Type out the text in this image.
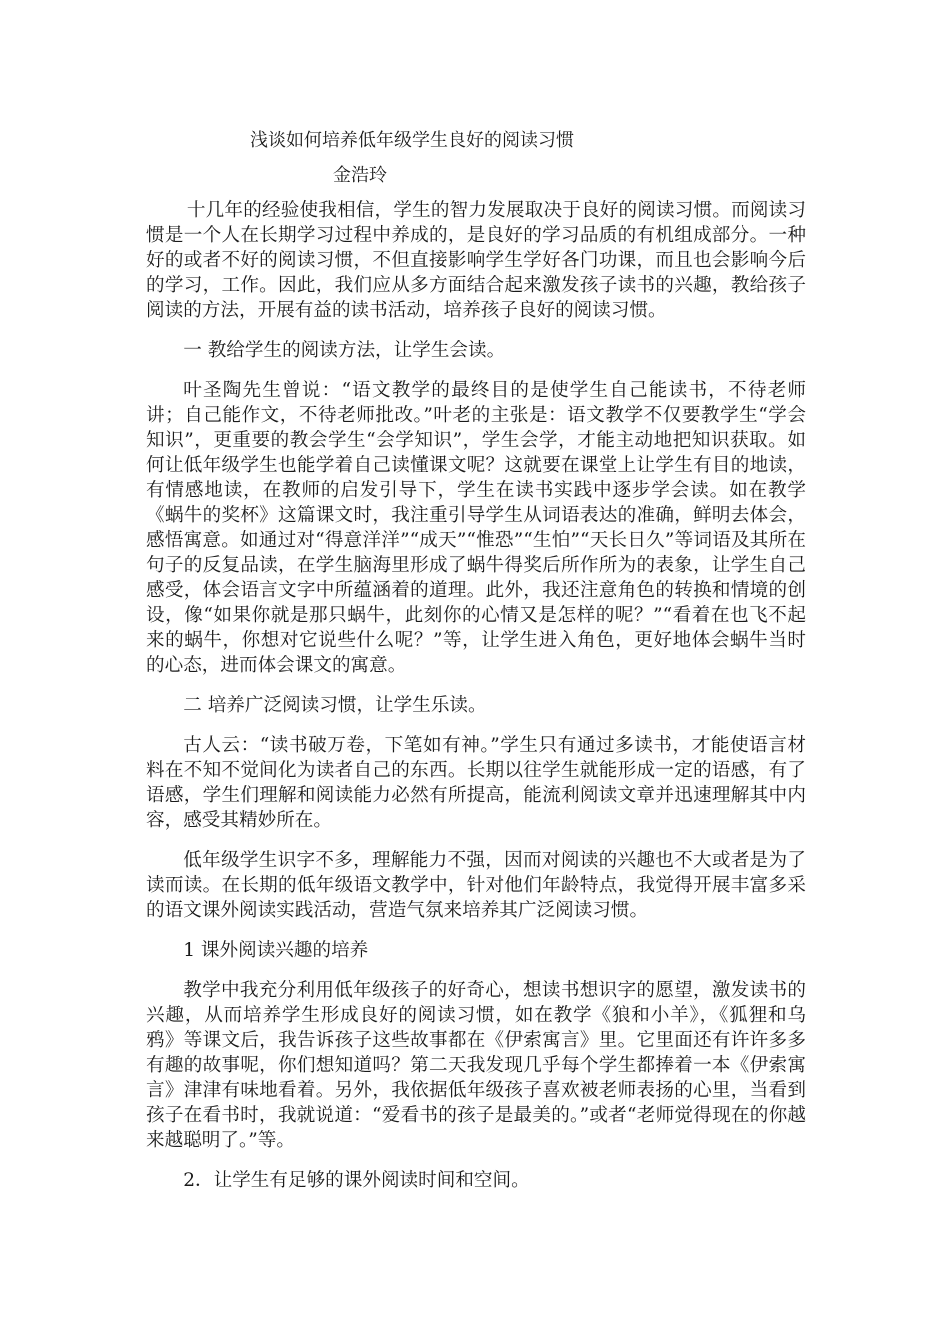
浅谈如何培养低年级学生良好的阅读习惯
金浩玲

十几年的经验使我相信，学生的智力发展取决于良好的阅读习惯。而阅读习惯是一个人在长期学习过程中养成的，是良好的学习品质的有机组成部分。一种好的或者不好的阅读习惯，不但直接影响学生学好各门功课，而且也会影响今后的学习，工作。因此，我们应从多方面结合起来激发孩子读书的兴趣，教给孩子阅读的方法，开展有益的读书活动，培养孩子良好的阅读习惯。

一 教给学生的阅读方法，让学生会读。

叶圣陶先生曾说：“语文教学的最终目的是使学生自己能读书，不待老师讲；自己能作文，不待老师批改。”叶老的主张是：语文教学不仅要教学生“学会知识”，更重要的教会学生“会学知识”，学生会学，才能主动地把知识获取。如何让低年级学生也能学着自己读懂课文呢？这就要在课堂上让学生有目的地读，有情感地读，在教师的启发引导下，学生在读书实践中逐步学会读。如在教学《蜗牛的奖杯》这篇课文时，我注重引导学生从词语表达的准确，鲜明去体会，感悟寓意。如通过对“得意洋洋”“成天”“惟恐”“生怕”“天长日久”等词语及其所在句子的反复品读，在学生脑海里形成了蜗牛得奖后所作所为的表象，让学生自己感受，体会语言文字中所蕴涵着的道理。此外，我还注意角色的转换和情境的创设，像“如果你就是那只蜗牛，此刻你的心情又是怎样的呢？”“看着在也飞不起来的蜗牛，你想对它说些什么呢？”等，让学生进入角色，更好地体会蜗牛当时的心态，进而体会课文的寓意。

二 培养广泛阅读习惯，让学生乐读。

古人云：“读书破万卷，下笔如有神。”学生只有通过多读书，才能使语言材料在不知不觉间化为读者自己的东西。长期以往学生就能形成一定的语感，有了语感，学生们理解和阅读能力必然有所提高，能流利阅读文章并迅速理解其中内容，感受其精妙所在。

低年级学生识字不多，理解能力不强，因而对阅读的兴趣也不大或者是为了读而读。在长期的低年级语文教学中，针对他们年龄特点，我觉得开展丰富多采的语文课外阅读实践活动，营造气氛来培养其广泛阅读习惯。

1 课外阅读兴趣的培养

教学中我充分利用低年级孩子的好奇心，想读书想识字的愿望，激发读书的兴趣，从而培养学生形成良好的阅读习惯，如在教学《狼和小羊》，《狐狸和乌鸦》等课文后，我告诉孩子这些故事都在《伊索寓言》里。它里面还有许许多多有趣的故事呢，你们想知道吗？第二天我发现几乎每个学生都捧着一本《伊索寓言》津津有味地看着。另外，我依据低年级孩子喜欢被老师表扬的心里，当看到孩子在看书时，我就说道：“爱看书的孩子是最美的。”或者“老师觉得现在的你越来越聪明了。”等。

2．让学生有足够的课外阅读时间和空间。
